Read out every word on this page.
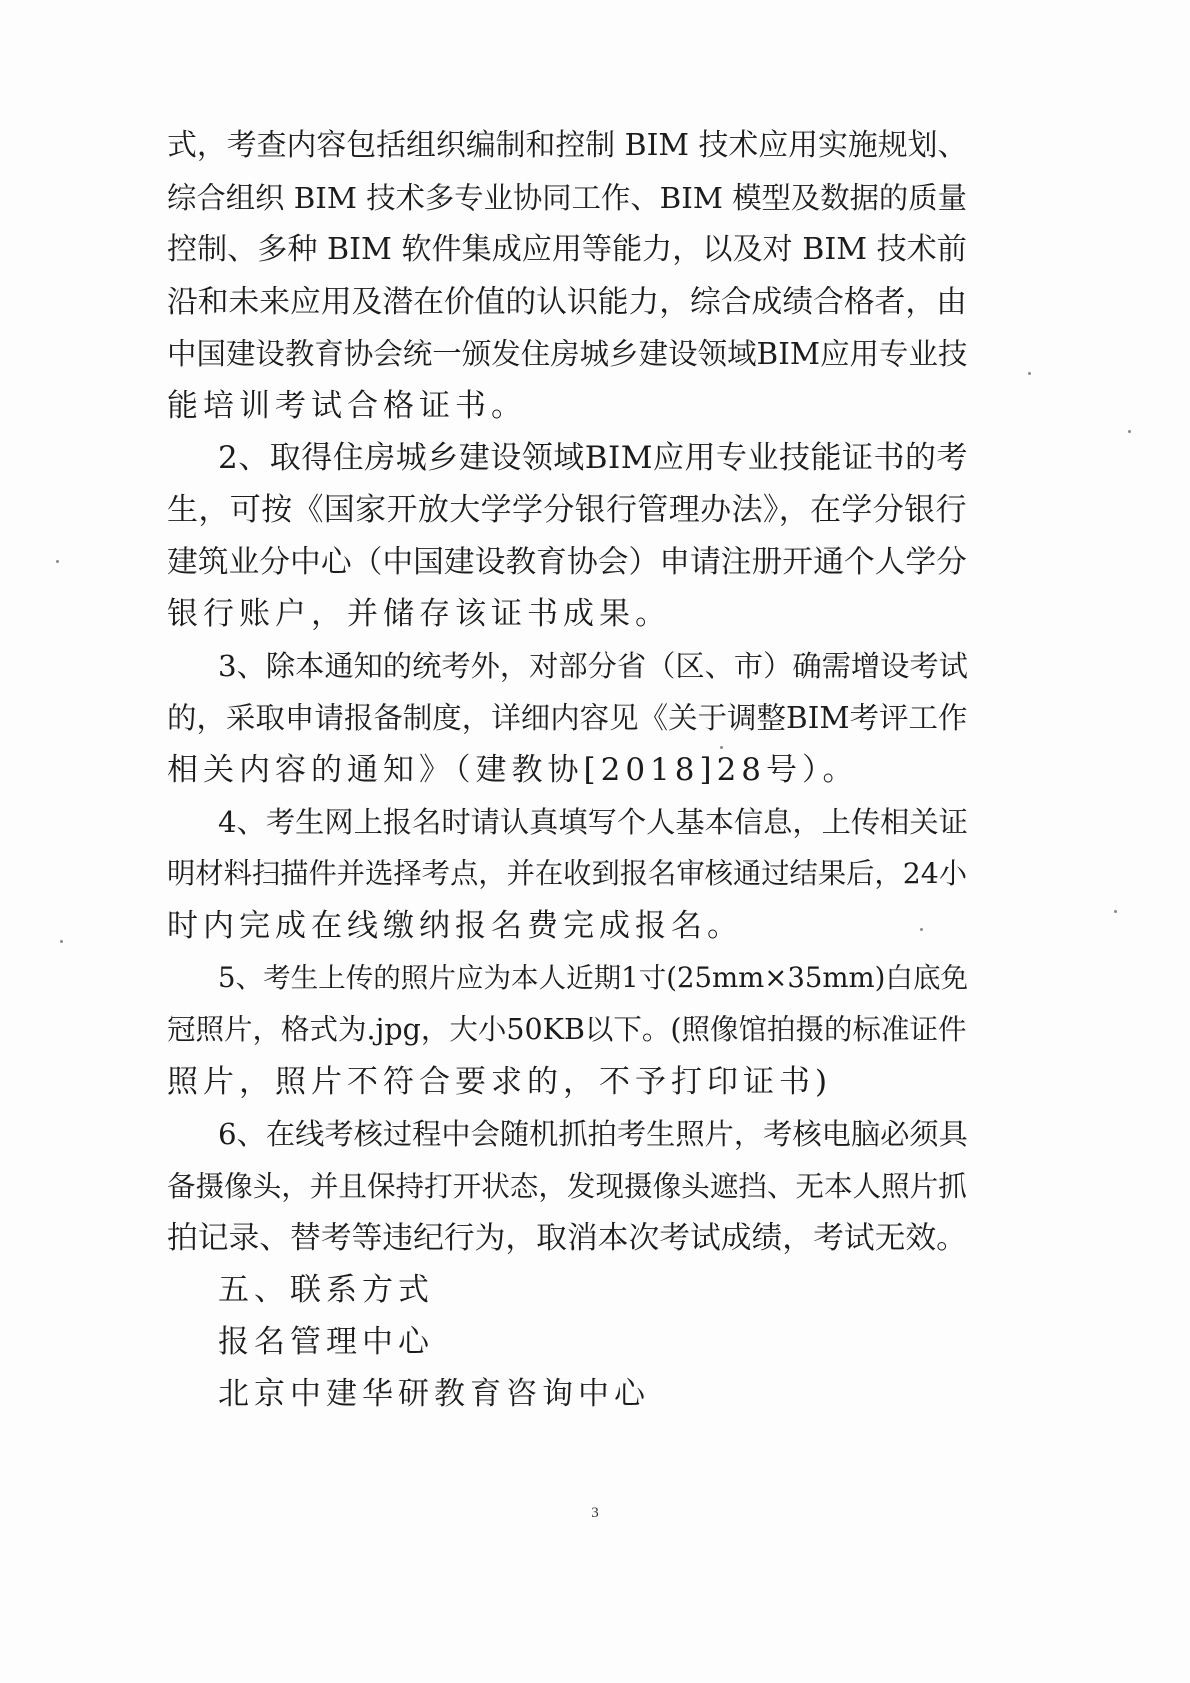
式，考查内容包括组织编制和控制 BIM 技术应用实施规划、
综合组织 BIM 技术多专业协同工作、BIM 模型及数据的质量
控制、多种 BIM 软件集成应用等能力，以及对 BIM 技术前
沿和未来应用及潜在价值的认识能力，综合成绩合格者，由
中国建设教育协会统一颁发住房城乡建设领域BIM应用专业技
能培训考试合格证书。
2、取得住房城乡建设领域BIM应用专业技能证书的考
生，可按《国家开放大学学分银行管理办法》，在学分银行
建筑业分中心（中国建设教育协会）申请注册开通个人学分
银行账户，并储存该证书成果。
3、除本通知的统考外，对部分省（区、市）确需增设考试
的，采取申请报备制度，详细内容见《关于调整BIM考评工作
相关内容的通知》（建教协[2018]28号）。
4、考生网上报名时请认真填写个人基本信息，上传相关证
明材料扫描件并选择考点，并在收到报名审核通过结果后，24小
时内完成在线缴纳报名费完成报名。
5、考生上传的照片应为本人近期1寸(25mm×35mm)白底免
冠照片，格式为.jpg，大小50KB以下。(照像馆拍摄的标准证件
照片，照片不符合要求的，不予打印证书)
6、在线考核过程中会随机抓拍考生照片，考核电脑必须具
备摄像头，并且保持打开状态，发现摄像头遮挡、无本人照片抓
拍记录、替考等违纪行为，取消本次考试成绩，考试无效。
五、联系方式
报名管理中心
北京中建华研教育咨询中心
3
